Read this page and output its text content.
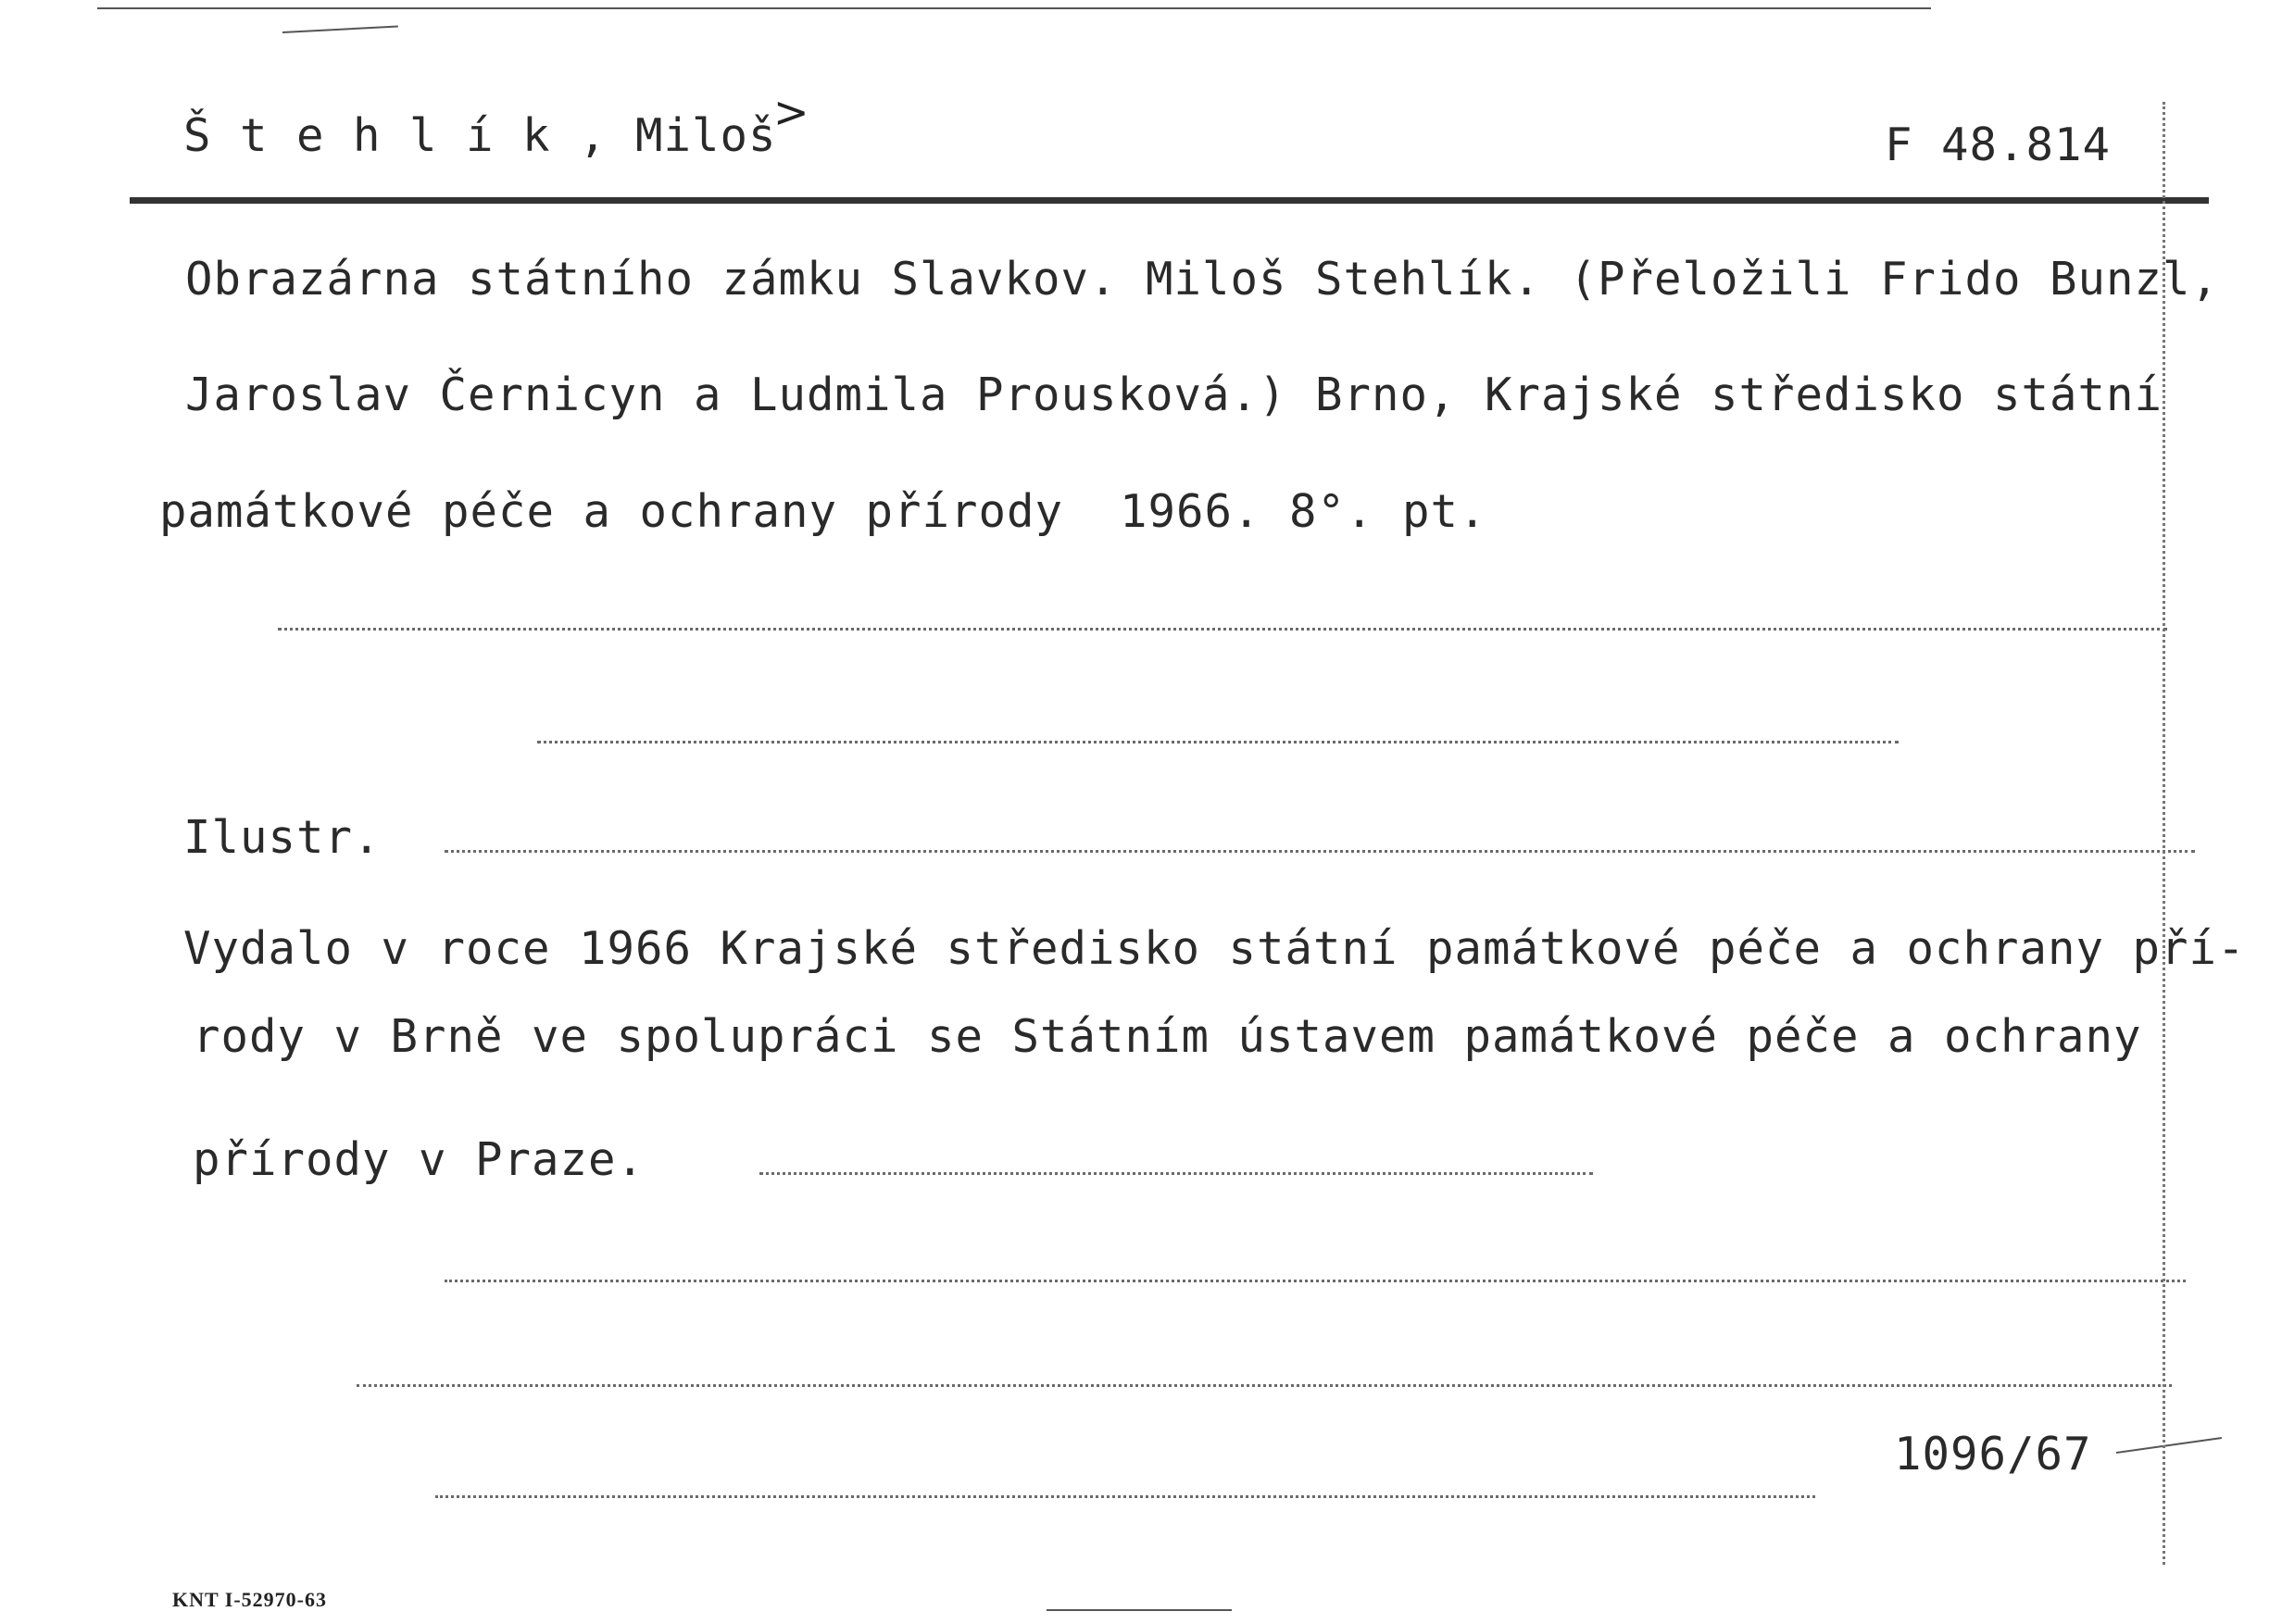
Š t e h l í k , Miloš
>
F 48.814
Obrazárna státního zámku Slavkov. Miloš Stehlík. (Přeložili Frido Bunzl,
Jaroslav Černicyn a Ludmila Prousková.) Brno, Krajské středisko státní
památkové péče a ochrany přírody  1966. 8°. pt.
Ilustr.
Vydalo v roce 1966 Krajské středisko státní památkové péče a ochrany pří-
rody v Brně ve spolupráci se Státním ústavem památkové péče a ochrany
přírody v Praze.
1096/67
KNT I-52970-63
